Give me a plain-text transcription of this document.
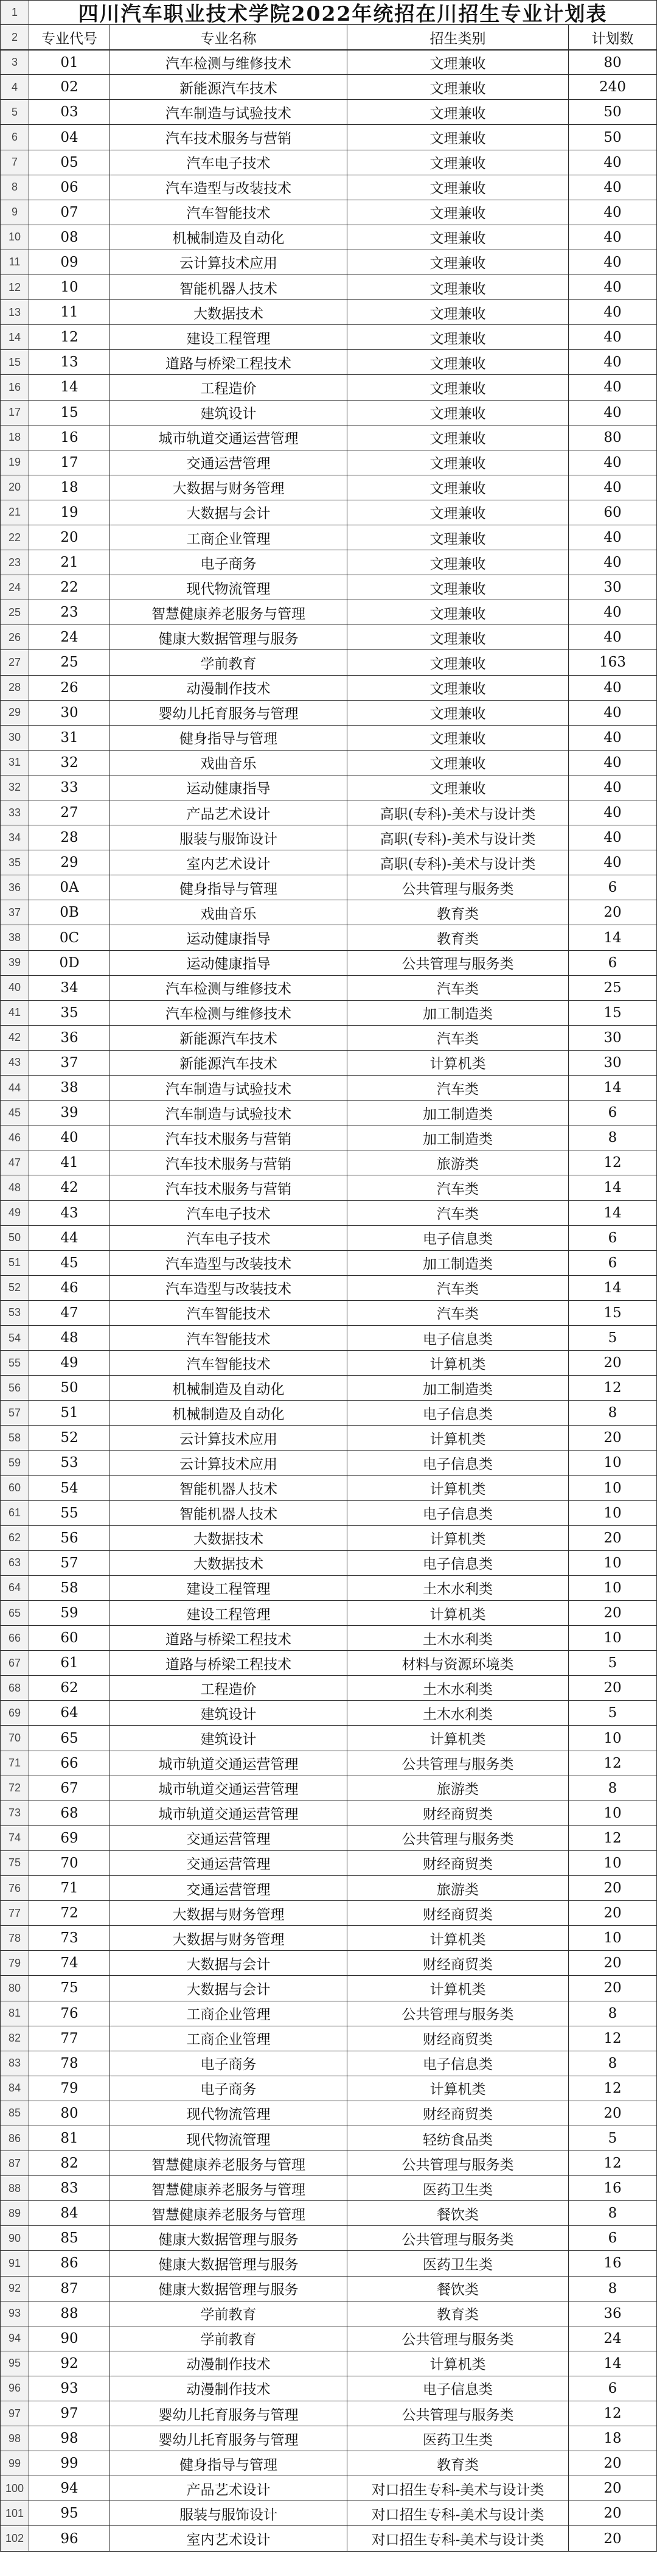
1	四川汽车职业技术学院2022年统招在川招生专业计划表
2	专业代号	专业名称	招生类别	计划数
3	01	汽车检测与维修技术	文理兼收	80
4	02	新能源汽车技术	文理兼收	240
5	03	汽车制造与试验技术	文理兼收	50
6	04	汽车技术服务与营销	文理兼收	50
7	05	汽车电子技术	文理兼收	40
8	06	汽车造型与改装技术	文理兼收	40
9	07	汽车智能技术	文理兼收	40
10	08	机械制造及自动化	文理兼收	40
11	09	云计算技术应用	文理兼收	40
12	10	智能机器人技术	文理兼收	40
13	11	大数据技术	文理兼收	40
14	12	建设工程管理	文理兼收	40
15	13	道路与桥梁工程技术	文理兼收	40
16	14	工程造价	文理兼收	40
17	15	建筑设计	文理兼收	40
18	16	城市轨道交通运营管理	文理兼收	80
19	17	交通运营管理	文理兼收	40
20	18	大数据与财务管理	文理兼收	40
21	19	大数据与会计	文理兼收	60
22	20	工商企业管理	文理兼收	40
23	21	电子商务	文理兼收	40
24	22	现代物流管理	文理兼收	30
25	23	智慧健康养老服务与管理	文理兼收	40
26	24	健康大数据管理与服务	文理兼收	40
27	25	学前教育	文理兼收	163
28	26	动漫制作技术	文理兼收	40
29	30	婴幼儿托育服务与管理	文理兼收	40
30	31	健身指导与管理	文理兼收	40
31	32	戏曲音乐	文理兼收	40
32	33	运动健康指导	文理兼收	40
33	27	产品艺术设计	高职(专科)-美术与设计类	40
34	28	服装与服饰设计	高职(专科)-美术与设计类	40
35	29	室内艺术设计	高职(专科)-美术与设计类	40
36	0A	健身指导与管理	公共管理与服务类	6
37	0B	戏曲音乐	教育类	20
38	0C	运动健康指导	教育类	14
39	0D	运动健康指导	公共管理与服务类	6
40	34	汽车检测与维修技术	汽车类	25
41	35	汽车检测与维修技术	加工制造类	15
42	36	新能源汽车技术	汽车类	30
43	37	新能源汽车技术	计算机类	30
44	38	汽车制造与试验技术	汽车类	14
45	39	汽车制造与试验技术	加工制造类	6
46	40	汽车技术服务与营销	加工制造类	8
47	41	汽车技术服务与营销	旅游类	12
48	42	汽车技术服务与营销	汽车类	14
49	43	汽车电子技术	汽车类	14
50	44	汽车电子技术	电子信息类	6
51	45	汽车造型与改装技术	加工制造类	6
52	46	汽车造型与改装技术	汽车类	14
53	47	汽车智能技术	汽车类	15
54	48	汽车智能技术	电子信息类	5
55	49	汽车智能技术	计算机类	20
56	50	机械制造及自动化	加工制造类	12
57	51	机械制造及自动化	电子信息类	8
58	52	云计算技术应用	计算机类	20
59	53	云计算技术应用	电子信息类	10
60	54	智能机器人技术	计算机类	10
61	55	智能机器人技术	电子信息类	10
62	56	大数据技术	计算机类	20
63	57	大数据技术	电子信息类	10
64	58	建设工程管理	土木水利类	10
65	59	建设工程管理	计算机类	20
66	60	道路与桥梁工程技术	土木水利类	10
67	61	道路与桥梁工程技术	材料与资源环境类	5
68	62	工程造价	土木水利类	20
69	64	建筑设计	土木水利类	5
70	65	建筑设计	计算机类	10
71	66	城市轨道交通运营管理	公共管理与服务类	12
72	67	城市轨道交通运营管理	旅游类	8
73	68	城市轨道交通运营管理	财经商贸类	10
74	69	交通运营管理	公共管理与服务类	12
75	70	交通运营管理	财经商贸类	10
76	71	交通运营管理	旅游类	20
77	72	大数据与财务管理	财经商贸类	20
78	73	大数据与财务管理	计算机类	10
79	74	大数据与会计	财经商贸类	20
80	75	大数据与会计	计算机类	20
81	76	工商企业管理	公共管理与服务类	8
82	77	工商企业管理	财经商贸类	12
83	78	电子商务	电子信息类	8
84	79	电子商务	计算机类	12
85	80	现代物流管理	财经商贸类	20
86	81	现代物流管理	轻纺食品类	5
87	82	智慧健康养老服务与管理	公共管理与服务类	12
88	83	智慧健康养老服务与管理	医药卫生类	16
89	84	智慧健康养老服务与管理	餐饮类	8
90	85	健康大数据管理与服务	公共管理与服务类	6
91	86	健康大数据管理与服务	医药卫生类	16
92	87	健康大数据管理与服务	餐饮类	8
93	88	学前教育	教育类	36
94	90	学前教育	公共管理与服务类	24
95	92	动漫制作技术	计算机类	14
96	93	动漫制作技术	电子信息类	6
97	97	婴幼儿托育服务与管理	公共管理与服务类	12
98	98	婴幼儿托育服务与管理	医药卫生类	18
99	99	健身指导与管理	教育类	20
100	94	产品艺术设计	对口招生专科-美术与设计类	20
101	95	服装与服饰设计	对口招生专科-美术与设计类	20
102	96	室内艺术设计	对口招生专科-美术与设计类	20
